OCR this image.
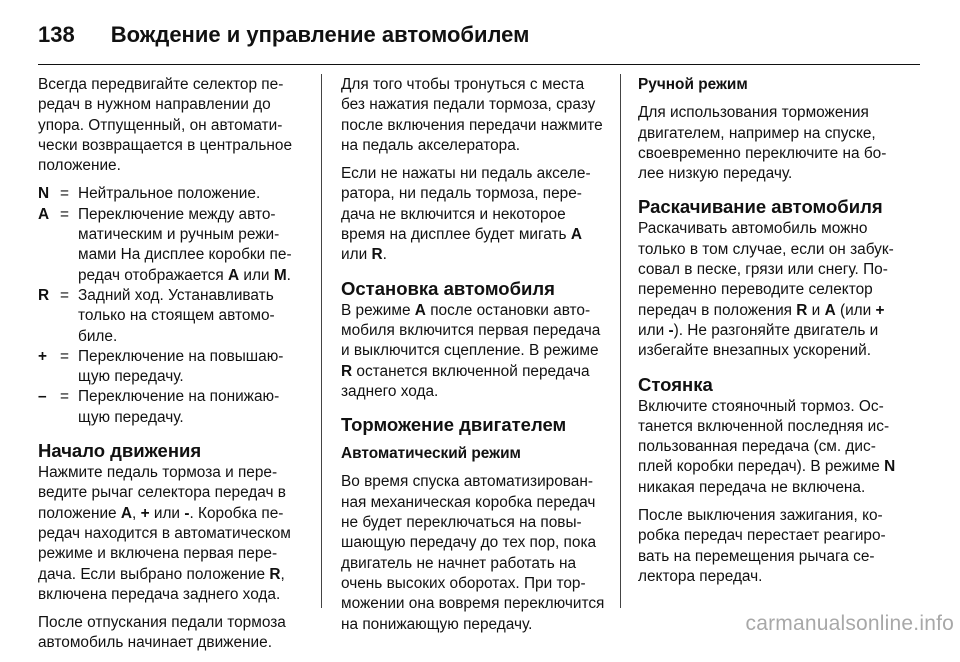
138 Вождение и управление автомобилем

Всегда передвигайте селектор передач в нужном направлении до упора. Отпущенный, он автоматически возвращается в центральное положение.

N = Нейтральное положение.
A = Переключение между автоматическим и ручным режимами На дисплее коробки передач отображается A или M.
R = Задний ход. Устанавливать только на стоящем автомобиле.
+ = Переключение на повышающую передачу.
– = Переключение на понижающую передачу.
Начало движения

Нажмите педаль тормоза и переведите рычаг селектора передач в положение A, + или -. Коробка передач находится в автоматическом режиме и включена первая передача. Если выбрано положение R, включена передача заднего хода.

После отпускания педали тормоза автомобиль начинает движение.

Для того чтобы тронуться с места без нажатия педали тормоза, сразу после включения передачи нажмите на педаль акселератора.

Если не нажаты ни педаль акселератора, ни педаль тормоза, передача не включится и некоторое время на дисплее будет мигать A или R.

Остановка автомобиля

В режиме A после остановки автомобиля включится первая передача и выключится сцепление. В режиме R останется включенной передача заднего хода.

Торможение двигателем

Автоматический режим

Во время спуска автоматизированная механическая коробка передач не будет переключаться на повышающую передачу до тех пор, пока двигатель не начнет работать на очень высоких оборотах. При торможении она вовремя переключится на понижающую передачу.

Ручной режим

Для использования торможения двигателем, например на спуске, своевременно переключите на более низкую передачу.

Раскачивание автомобиля

Раскачивать автомобиль можно только в том случае, если он забуксовал в песке, грязи или снегу. Попеременно переводите селектор передач в положения R и A (или + или -). Не разгоняйте двигатель и избегайте внезапных ускорений.

Стоянка

Включите стояночный тормоз. Останется включенной последняя использованная передача (см. дисплей коробки передач). В режиме N никакая передача не включена.

После выключения зажигания, коробка передач перестает реагировать на перемещения рычага селектора передач.

carmanualsonline.info
